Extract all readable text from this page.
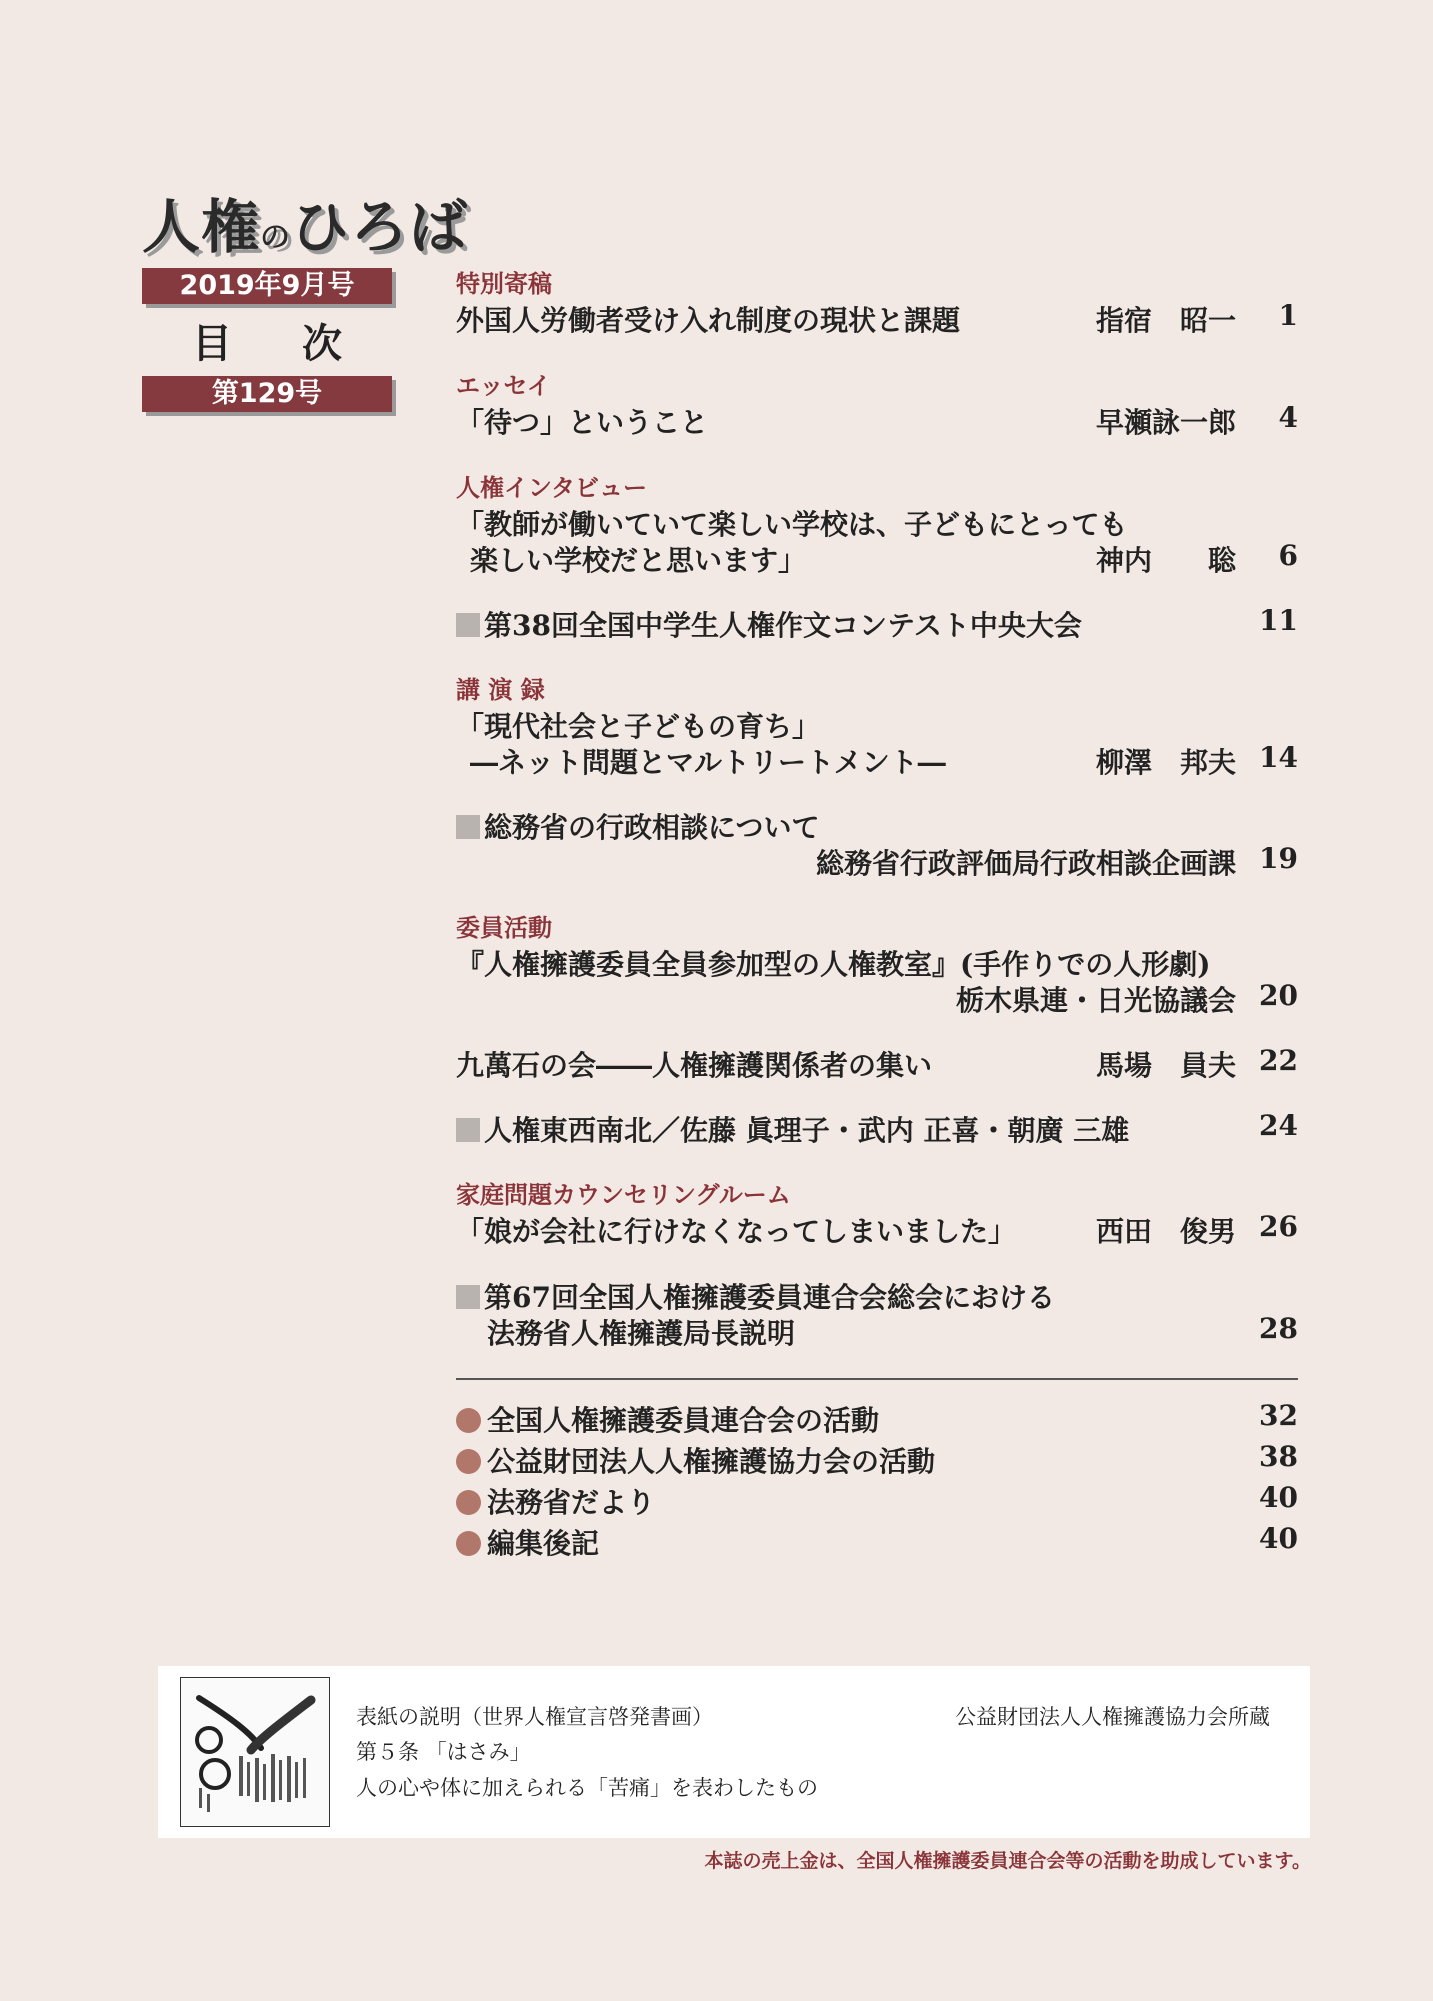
人権のひろば
2019年9月号
目 次
第129号
特別寄稿
外国人労働者受け入れ制度の現状と課題	指宿　昭一 1
エッセイ
「待つ」ということ	早瀬詠一郎 4
人権インタビュー
「教師が働いていて楽しい学校は、子どもにとっても
楽しい学校だと思います」	神内　　聡 6
第38回全国中学生人権作文コンテスト中央大会	11
講 演 録
「現代社会と子どもの育ち」
―ネット問題とマルトリートメント―	柳澤　邦夫 14
総務省の行政相談について
総務省行政評価局行政相談企画課 19
委員活動
『人権擁護委員全員参加型の人権教室』(手作りでの人形劇)
栃木県連・日光協議会 20
九萬石の会――人権擁護関係者の集い	馬場　員夫 22
人権東西南北／佐藤 眞理子・武内 正喜・朝廣 三雄	24
家庭問題カウンセリングルーム
「娘が会社に行けなくなってしまいました」	西田　俊男 26
第67回全国人権擁護委員連合会総会における
法務省人権擁護局長説明	28
全国人権擁護委員連合会の活動	32
公益財団法人人権擁護協力会の活動	38
法務省だより	40
編集後記	40
表紙の説明（世界人権宣言啓発書画）	公益財団法人人権擁護協力会所蔵
第５条 「はさみ」
人の心や体に加えられる「苦痛」を表わしたもの
本誌の売上金は、全国人権擁護委員連合会等の活動を助成しています。
